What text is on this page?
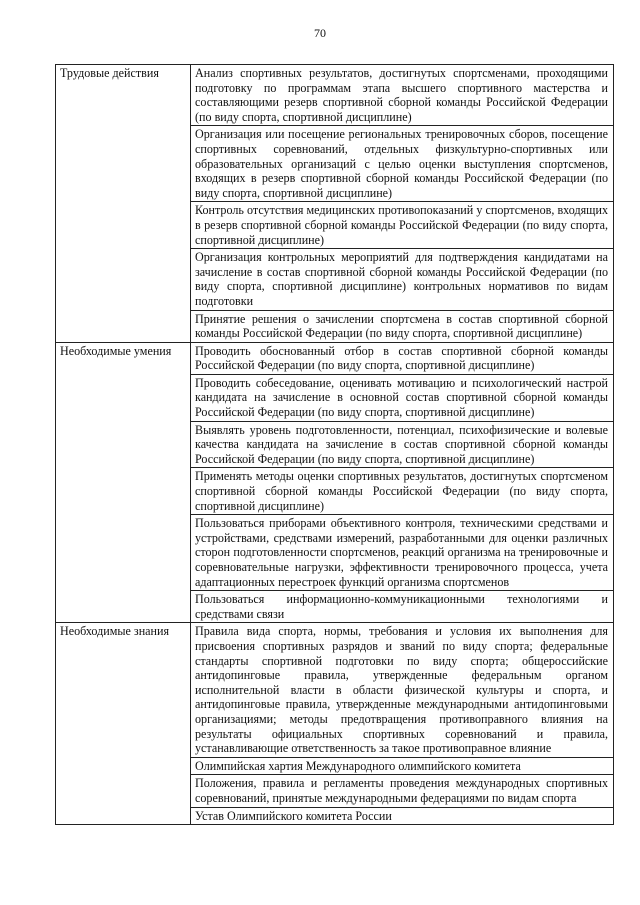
70
Трудовые действия	Анализ спортивных результатов, достигнутых спортсменами, проходящими подготовку по программам этапа высшего спортивного мастерства и составляющими резерв спортивной сборной команды Российской Федерации (по виду спорта, спортивной дисциплине)
	Организация или посещение региональных тренировочных сборов, посещение спортивных соревнований, отдельных физкультурно-спортивных или образовательных организаций с целью оценки выступления спортсменов, входящих в резерв спортивной сборной команды Российской Федерации (по виду спорта, спортивной дисциплине)
	Контроль отсутствия медицинских противопоказаний у спортсменов, входящих в резерв спортивной сборной команды Российской Федерации (по виду спорта, спортивной дисциплине)
	Организация контрольных мероприятий для подтверждения кандидатами на зачисление в состав спортивной сборной команды Российской Федерации (по виду спорта, спортивной дисциплине) контрольных нормативов по видам подготовки
	Принятие решения о зачислении спортсмена в состав спортивной сборной команды Российской Федерации (по виду спорта, спортивной дисциплине)
Необходимые умения	Проводить обоснованный отбор в состав спортивной сборной команды Российской Федерации (по виду спорта, спортивной дисциплине)
	Проводить собеседование, оценивать мотивацию и психологический настрой кандидата на зачисление в основной состав спортивной сборной команды Российской Федерации (по виду спорта, спортивной дисциплине)
	Выявлять уровень подготовленности, потенциал, психофизические и волевые качества кандидата на зачисление в состав спортивной сборной команды Российской Федерации (по виду спорта, спортивной дисциплине)
	Применять методы оценки спортивных результатов, достигнутых спортсменом спортивной сборной команды Российской Федерации (по виду спорта, спортивной дисциплине)
	Пользоваться приборами объективного контроля, техническими средствами и устройствами, средствами измерений, разработанными для оценки различных сторон подготовленности спортсменов, реакций организма на тренировочные и соревновательные нагрузки, эффективности тренировочного процесса, учета адаптационных перестроек функций организма спортсменов
	Пользоваться информационно-коммуникационными технологиями и средствами связи
Необходимые знания	Правила вида спорта, нормы, требования и условия их выполнения для присвоения спортивных разрядов и званий по виду спорта; федеральные стандарты спортивной подготовки по виду спорта; общероссийские антидопинговые правила, утвержденные федеральным органом исполнительной власти в области физической культуры и спорта, и антидопинговые правила, утвержденные международными антидопинговыми организациями; методы предотвращения противоправного влияния на результаты официальных спортивных соревнований и правила, устанавливающие ответственность за такое противоправное влияние
	Олимпийская хартия Международного олимпийского комитета
	Положения, правила и регламенты проведения международных спортивных соревнований, принятые международными федерациями по видам спорта
	Устав Олимпийского комитета России
